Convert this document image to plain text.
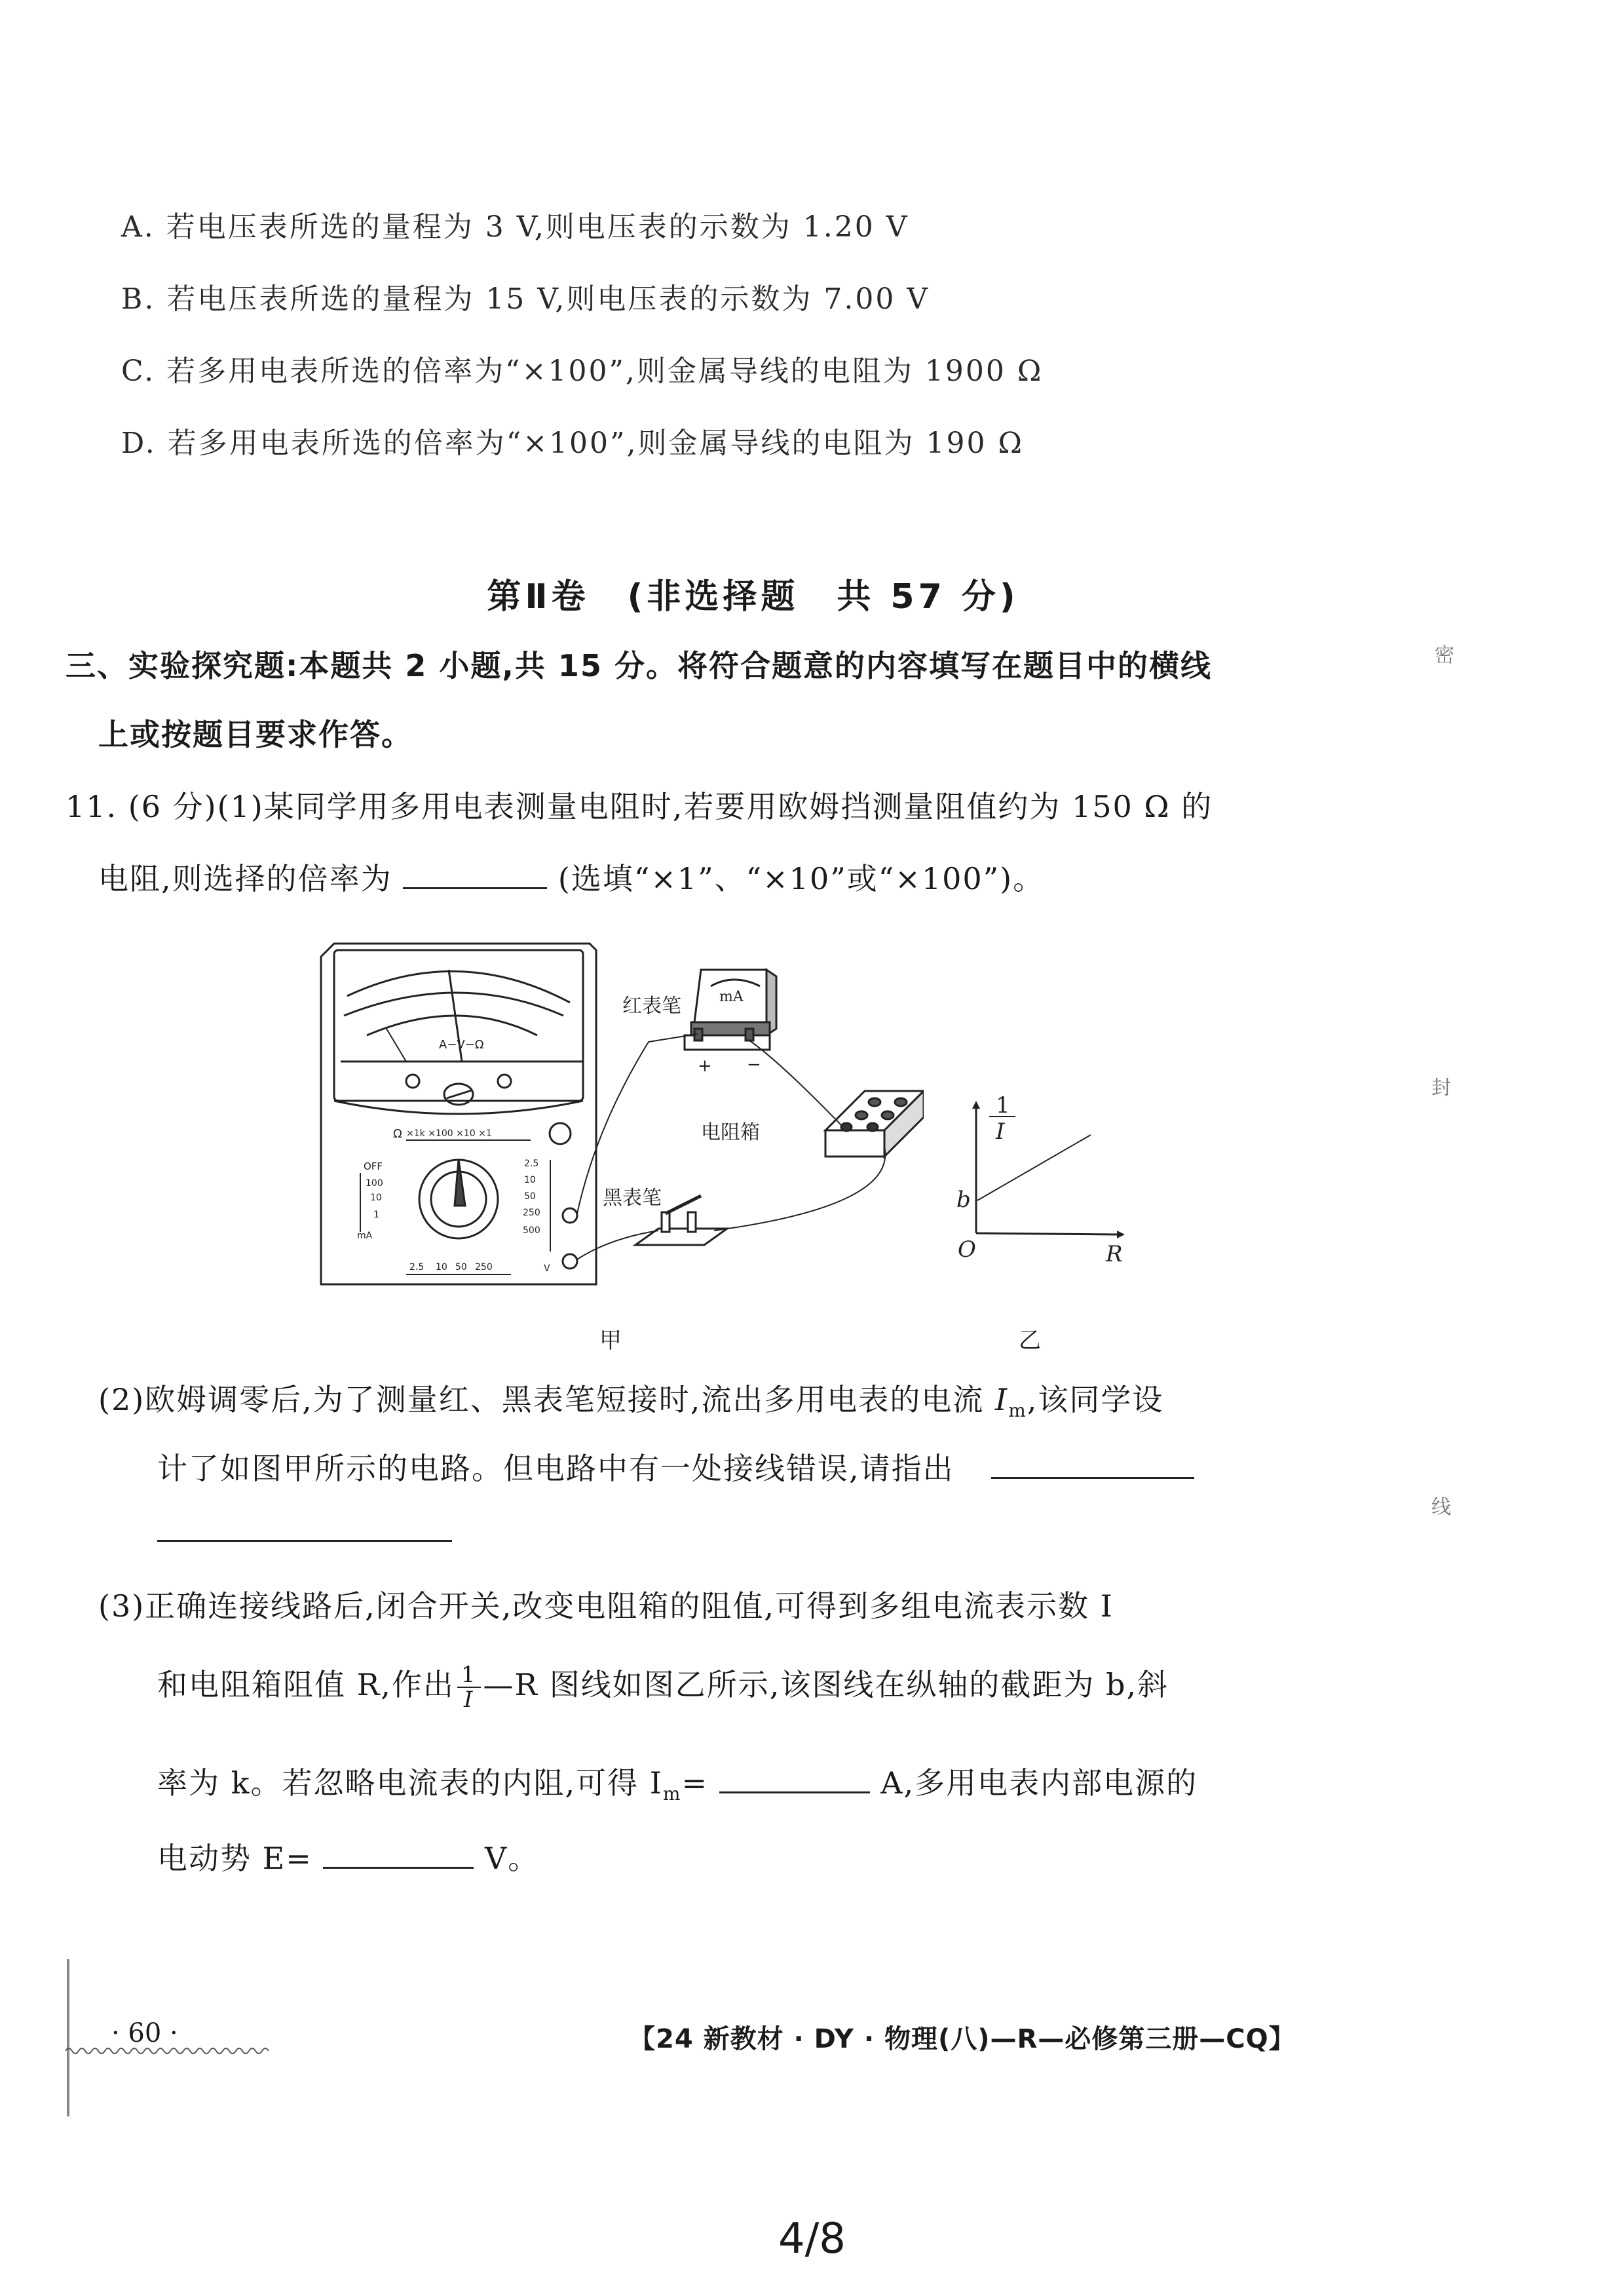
A. 若电压表所选的量程为 3 V,则电压表的示数为 1.20 V
B. 若电压表所选的量程为 15 V,则电压表的示数为 7.00 V
C. 若多用电表所选的倍率为“×100”,则金属导线的电阻为 1900 Ω
D. 若多用电表所选的倍率为“×100”,则金属导线的电阻为 190 Ω
第Ⅱ卷　(非选择题　共 57 分)
三、实验探究题:本题共 2 小题,共 15 分。将符合题意的内容填写在题目中的横线
上或按题目要求作答。
11. (6 分)(1)某同学用多用电表测量电阻时,若要用欧姆挡测量阻值约为 150 Ω 的
电阻,则选择的倍率为	(选填“×1”、“×10”或“×100”)。
A−V−Ω
×1k ×100 ×10 ×1
Ω
OFF
100
10
1
mA
2.5
10
50
250
500
2.5 10 50 250	V
mA
+ −
电阻箱
红表笔
黑表笔
甲
1
I
b
O	R
乙
(2)欧姆调零后,为了测量红、黑表笔短接时,流出多用电表的电流 $I_m$,该同学设
计了如图甲所示的电路。但电路中有一处接线错误,请指出
(3)正确连接线路后,闭合开关,改变电阻箱的阻值,可得到多组电流表示数 I
和电阻箱阻值 R,作出 $\frac{1}{I}$ —R 图线如图乙所示,该图线在纵轴的截距为 b,斜
率为 k。若忽略电流表的内阻,可得 $I_m=$	A,多用电表内部电源的
电动势 E=	V。
密
封
线
· 60 ·	【24 新教材 · DY · 物理(八)—R—必修第三册—CQ】
4/8
